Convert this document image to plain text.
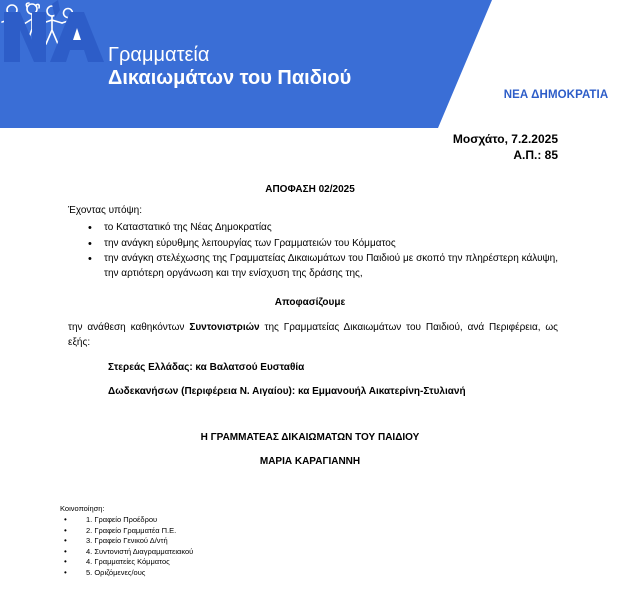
Γραμματεία
Δικαιωμάτων του Παιδιού
ΝΕΑ ΔΗΜΟΚΡΑΤΙΑ
Μοσχάτο, 7.2.2025
Α.Π.: 85
ΑΠΟΦΑΣΗ 02/2025
Έχοντας υπόψη:
• το Καταστατικό της Νέας Δημοκρατίας
• την ανάγκη εύρυθμης λειτουργίας των Γραμματειών του Κόμματος
• την ανάγκη στελέχωσης της Γραμματείας Δικαιωμάτων του Παιδιού με σκοπό την πληρέστερη κάλυψη, την αρτιότερη οργάνωση και την ενίσχυση της δράσης της,
Αποφασίζουμε
την ανάθεση καθηκόντων Συντονιστριών της Γραμματείας Δικαιωμάτων του Παιδιού, ανά Περιφέρεια, ως εξής:
Στερεάς Ελλάδας: κα Βαλατσού Ευσταθία
Δωδεκανήσων (Περιφέρεια Ν. Αιγαίου): κα Εμμανουήλ Αικατερίνη-Στυλιανή
Η ΓΡΑΜΜΑΤΕΑΣ ΔΙΚΑΙΩΜΑΤΩΝ ΤΟΥ ΠΑΙΔΙΟΥ
ΜΑΡΙΑ ΚΑΡΑΓΙΑΝΝΗ
Κοινοποίηση:
• 1. Γραφείο Προέδρου
• 2. Γραφείο Γραμματέα Π.Ε.
• 3. Γραφείο Γενικού Δ/ντή
• 4. Συντονιστή Διαγραμματειακού
• 4. Γραμματείες Κόμματος
• 5. Οριζόμενες/ους
